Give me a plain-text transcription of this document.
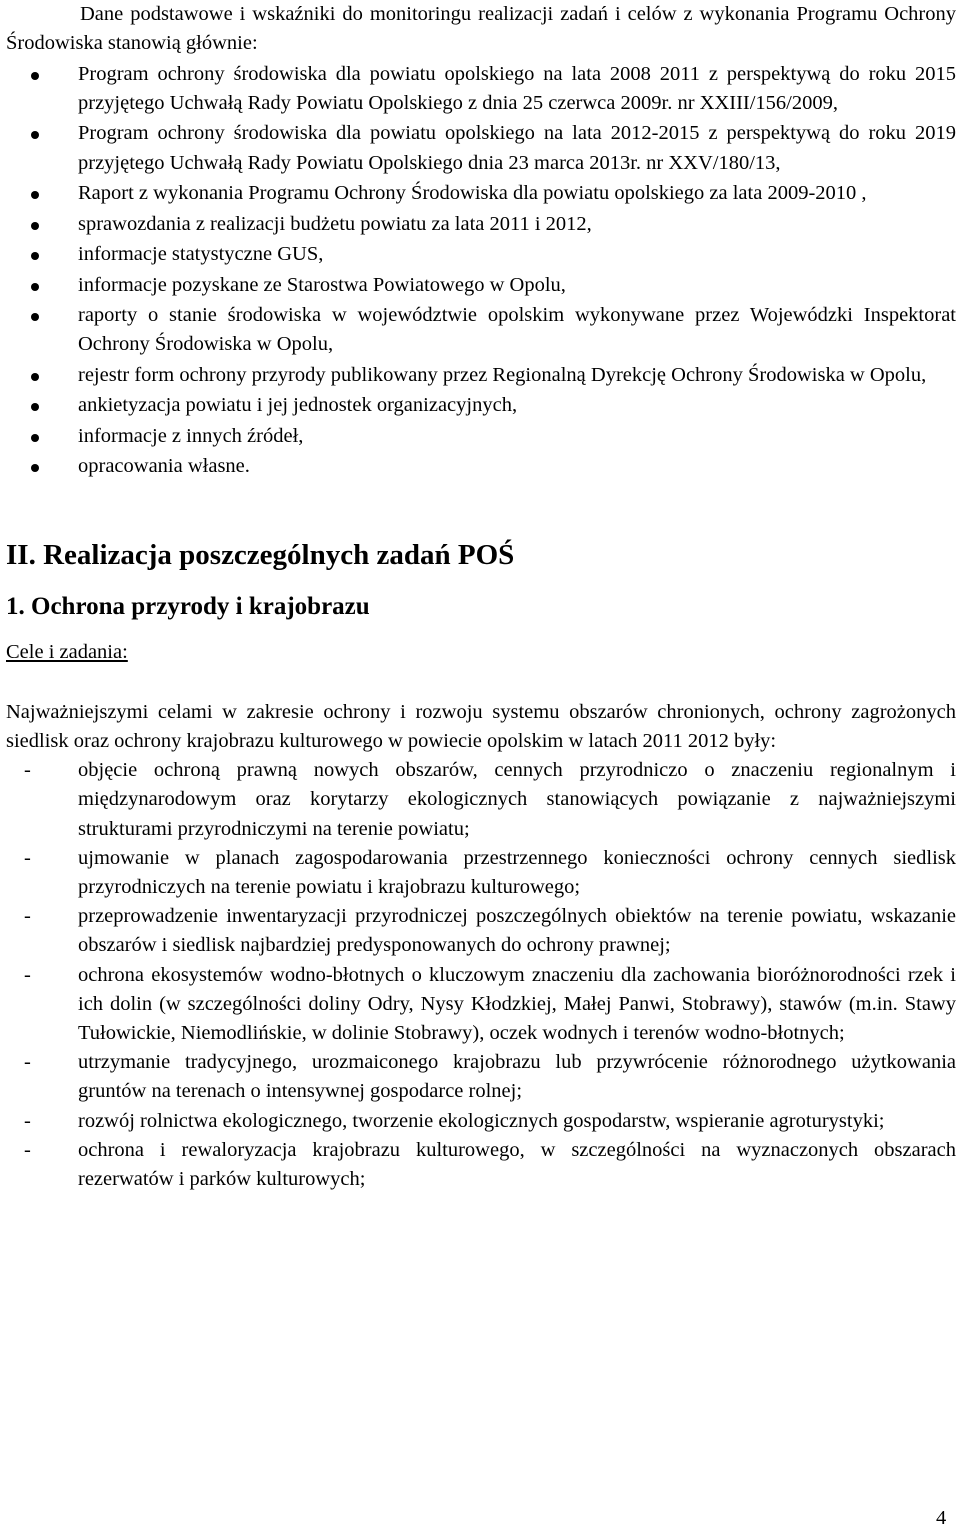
Dane podstawowe i wskaźniki do monitoringu realizacji zadań i celów z wykonania Programu Ochrony Środowiska stanowią głównie:

Program ochrony środowiska dla powiatu opolskiego na lata 2008 2011 z perspektywą do roku 2015 przyjętego Uchwałą Rady Powiatu Opolskiego z dnia 25 czerwca 2009r. nr XXIII/156/2009,
Program ochrony środowiska dla powiatu opolskiego na lata 2012-2015 z perspektywą do roku 2019 przyjętego Uchwałą Rady Powiatu Opolskiego dnia 23 marca 2013r. nr XXV/180/13,
Raport z wykonania Programu Ochrony Środowiska dla powiatu opolskiego za lata 2009-2010 ,
sprawozdania z realizacji budżetu powiatu za lata 2011 i 2012,
informacje statystyczne GUS,
informacje pozyskane ze Starostwa Powiatowego w Opolu,
raporty o stanie środowiska w województwie opolskim wykonywane przez Wojewódzki Inspektorat Ochrony Środowiska w Opolu,
rejestr form ochrony przyrody publikowany przez Regionalną Dyrekcję Ochrony Środowiska w Opolu,
ankietyzacja powiatu i jej jednostek organizacyjnych,
informacje z innych źródeł,
opracowania własne.
II. Realizacja poszczególnych zadań POŚ
1. Ochrona przyrody i krajobrazu

Cele i zadania:

Najważniejszymi celami w zakresie ochrony i rozwoju systemu obszarów chronionych, ochrony zagrożonych siedlisk oraz ochrony krajobrazu kulturowego w powiecie opolskim w latach 2011 2012 były:

- objęcie ochroną prawną nowych obszarów, cennych przyrodniczo o znaczeniu regionalnym i międzynarodowym oraz korytarzy ekologicznych stanowiących powiązanie z najważniejszymi strukturami przyrodniczymi na terenie powiatu;
- ujmowanie w planach zagospodarowania przestrzennego konieczności ochrony cennych siedlisk przyrodniczych na terenie powiatu i krajobrazu kulturowego;
- przeprowadzenie inwentaryzacji przyrodniczej poszczególnych obiektów na terenie powiatu, wskazanie obszarów i siedlisk najbardziej predysponowanych do ochrony prawnej;
- ochrona ekosystemów wodno-błotnych o kluczowym znaczeniu dla zachowania bioróżnorodności rzek i ich dolin (w szczególności doliny Odry, Nysy Kłodzkiej, Małej Panwi, Stobrawy), stawów (m.in. Stawy Tułowickie, Niemodlińskie, w dolinie Stobrawy), oczek wodnych i terenów wodno-błotnych;
- utrzymanie tradycyjnego, urozmaiconego krajobrazu lub przywrócenie różnorodnego użytkowania gruntów na terenach o intensywnej gospodarce rolnej;
- rozwój rolnictwa ekologicznego, tworzenie ekologicznych gospodarstw, wspieranie agroturystyki;
- ochrona i rewaloryzacja krajobrazu kulturowego, w szczególności na wyznaczonych obszarach rezerwatów i parków kulturowych;
4
